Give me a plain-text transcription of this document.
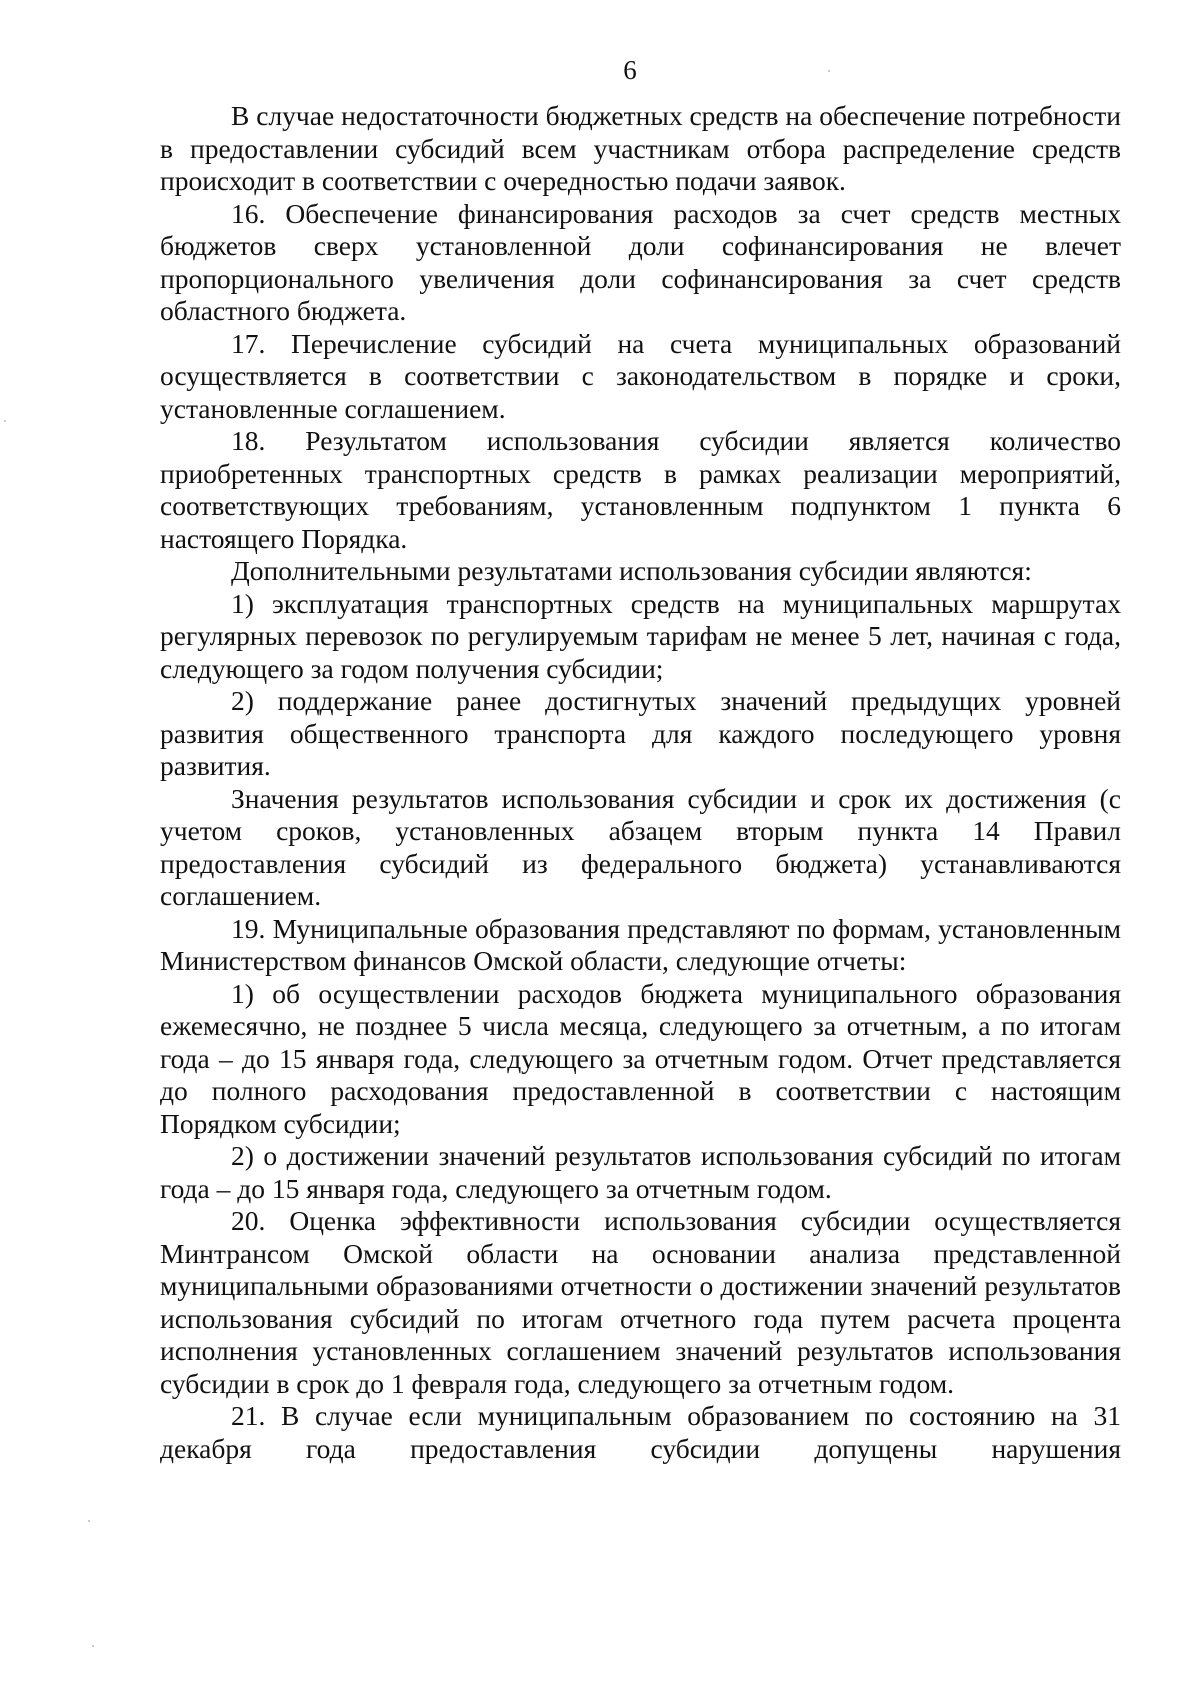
6

В случае недостаточности бюджетных средств на обеспечение потребности в предоставлении субсидий всем участникам отбора распределение средств происходит в соответствии с очередностью подачи заявок.

16. Обеспечение финансирования расходов за счет средств местных бюджетов сверх установленной доли софинансирования не влечет пропорционального увеличения доли софинансирования за счет средств областного бюджета.

17. Перечисление субсидий на счета муниципальных образований осуществляется в соответствии с законодательством в порядке и сроки, установленные соглашением.

18. Результатом использования субсидии является количество приобретенных транспортных средств в рамках реализации мероприятий, соответствующих требованиям, установленным подпунктом 1 пункта 6 настоящего Порядка.

Дополнительными результатами использования субсидии являются:

1) эксплуатация транспортных средств на муниципальных маршрутах регулярных перевозок по регулируемым тарифам не менее 5 лет, начиная с года, следующего за годом получения субсидии;

2) поддержание ранее достигнутых значений предыдущих уровней развития общественного транспорта для каждого последующего уровня развития.

Значения результатов использования субсидии и срок их достижения (с учетом сроков, установленных абзацем вторым пункта 14 Правил предоставления субсидий из федерального бюджета) устанавливаются соглашением.

19. Муниципальные образования представляют по формам, установленным Министерством финансов Омской области, следующие отчеты:

1) об осуществлении расходов бюджета муниципального образования ежемесячно, не позднее 5 числа месяца, следующего за отчетным, а по итогам года – до 15 января года, следующего за отчетным годом. Отчет представляется до полного расходования предоставленной в соответствии с настоящим Порядком субсидии;

2) о достижении значений результатов использования субсидий по итогам года – до 15 января года, следующего за отчетным годом.

20. Оценка эффективности использования субсидии осуществляется Минтрансом Омской области на основании анализа представленной муниципальными образованиями отчетности о достижении значений результатов использования субсидий по итогам отчетного года путем расчета процента исполнения установленных соглашением значений результатов использования субсидии в срок до 1 февраля года, следующего за отчетным годом.

21. В случае если муниципальным образованием по состоянию на 31 декабря года предоставления субсидии допущены нарушения
